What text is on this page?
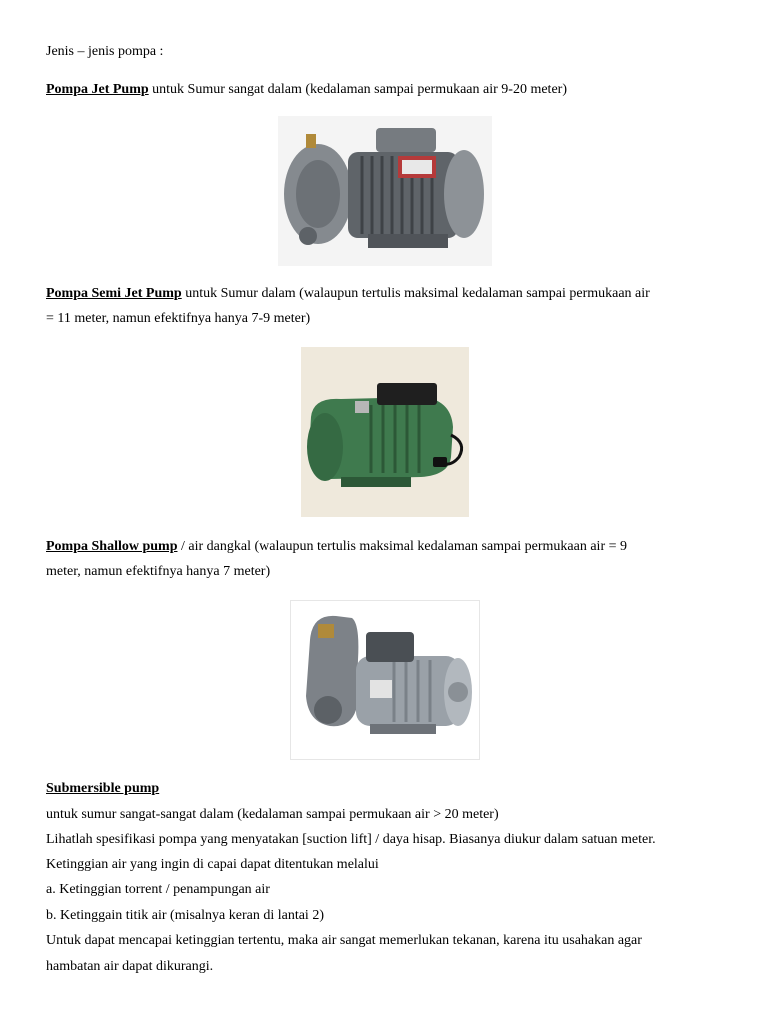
Jenis – jenis pompa :
Pompa Jet Pump untuk Sumur sangat dalam (kedalaman sampai permukaan air 9-20 meter)
Pompa Semi Jet Pump untuk Sumur dalam (walaupun tertulis maksimal kedalaman sampai permukaan air
= 11 meter, namun efektifnya hanya 7-9 meter)
Pompa Shallow pump / air dangkal (walaupun tertulis maksimal kedalaman sampai permukaan air = 9
meter, namun efektifnya hanya 7 meter)
Submersible pump
untuk sumur sangat-sangat dalam (kedalaman sampai permukaan air > 20 meter)
Lihatlah spesifikasi pompa yang menyatakan [suction lift] / daya hisap. Biasanya diukur dalam satuan meter.
Ketinggian air yang ingin di capai dapat ditentukan melalui
a. Ketinggian torrent / penampungan air
b. Ketinggain titik air (misalnya keran di lantai 2)
Untuk dapat mencapai ketinggian tertentu, maka air sangat memerlukan tekanan, karena itu usahakan agar
hambatan air dapat dikurangi.
